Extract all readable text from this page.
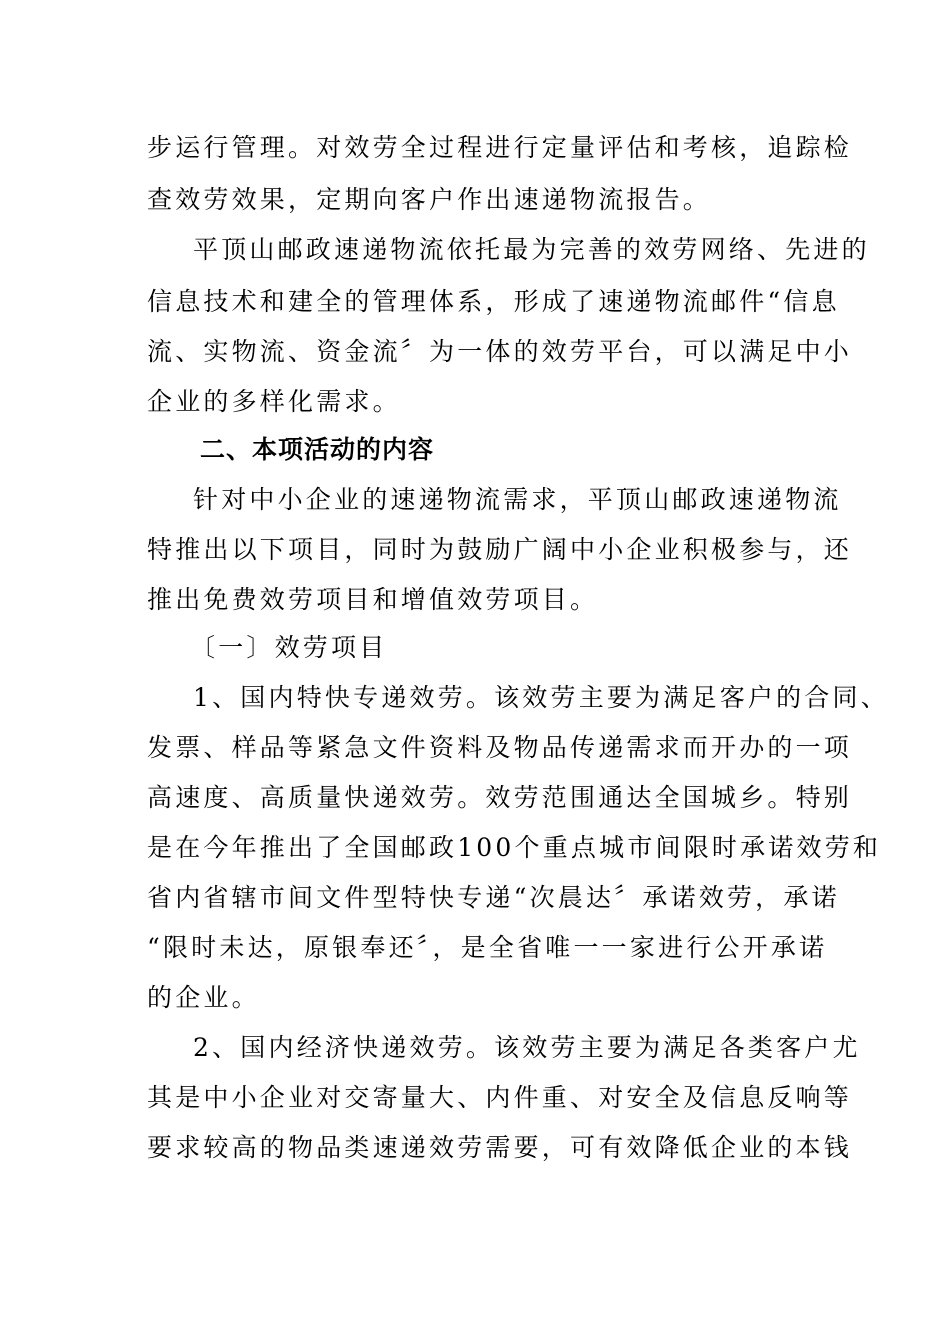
步运行管理。对效劳全过程进行定量评估和考核，追踪检
查效劳效果，定期向客户作出速递物流报告。
平顶山邮政速递物流依托最为完善的效劳网络、先进的
信息技术和建全的管理体系，形成了速递物流邮件“信息
流、实物流、资金流〞为一体的效劳平台，可以满足中小
企业的多样化需求。
二、本项活动的内容
针对中小企业的速递物流需求，平顶山邮政速递物流
特推出以下项目，同时为鼓励广阔中小企业积极参与，还
推出免费效劳项目和增值效劳项目。
〔一〕效劳项目
1、国内特快专递效劳。该效劳主要为满足客户的合同、
发票、样品等紧急文件资料及物品传递需求而开办的一项
高速度、高质量快递效劳。效劳范围通达全国城乡。特别
是在今年推出了全国邮政100个重点城市间限时承诺效劳和
省内省辖市间文件型特快专递“次晨达〞承诺效劳，承诺
“限时未达，原银奉还〞，是全省唯一一家进行公开承诺
的企业。
2、国内经济快递效劳。该效劳主要为满足各类客户尤
其是中小企业对交寄量大、内件重、对安全及信息反响等
要求较高的物品类速递效劳需要，可有效降低企业的本钱
